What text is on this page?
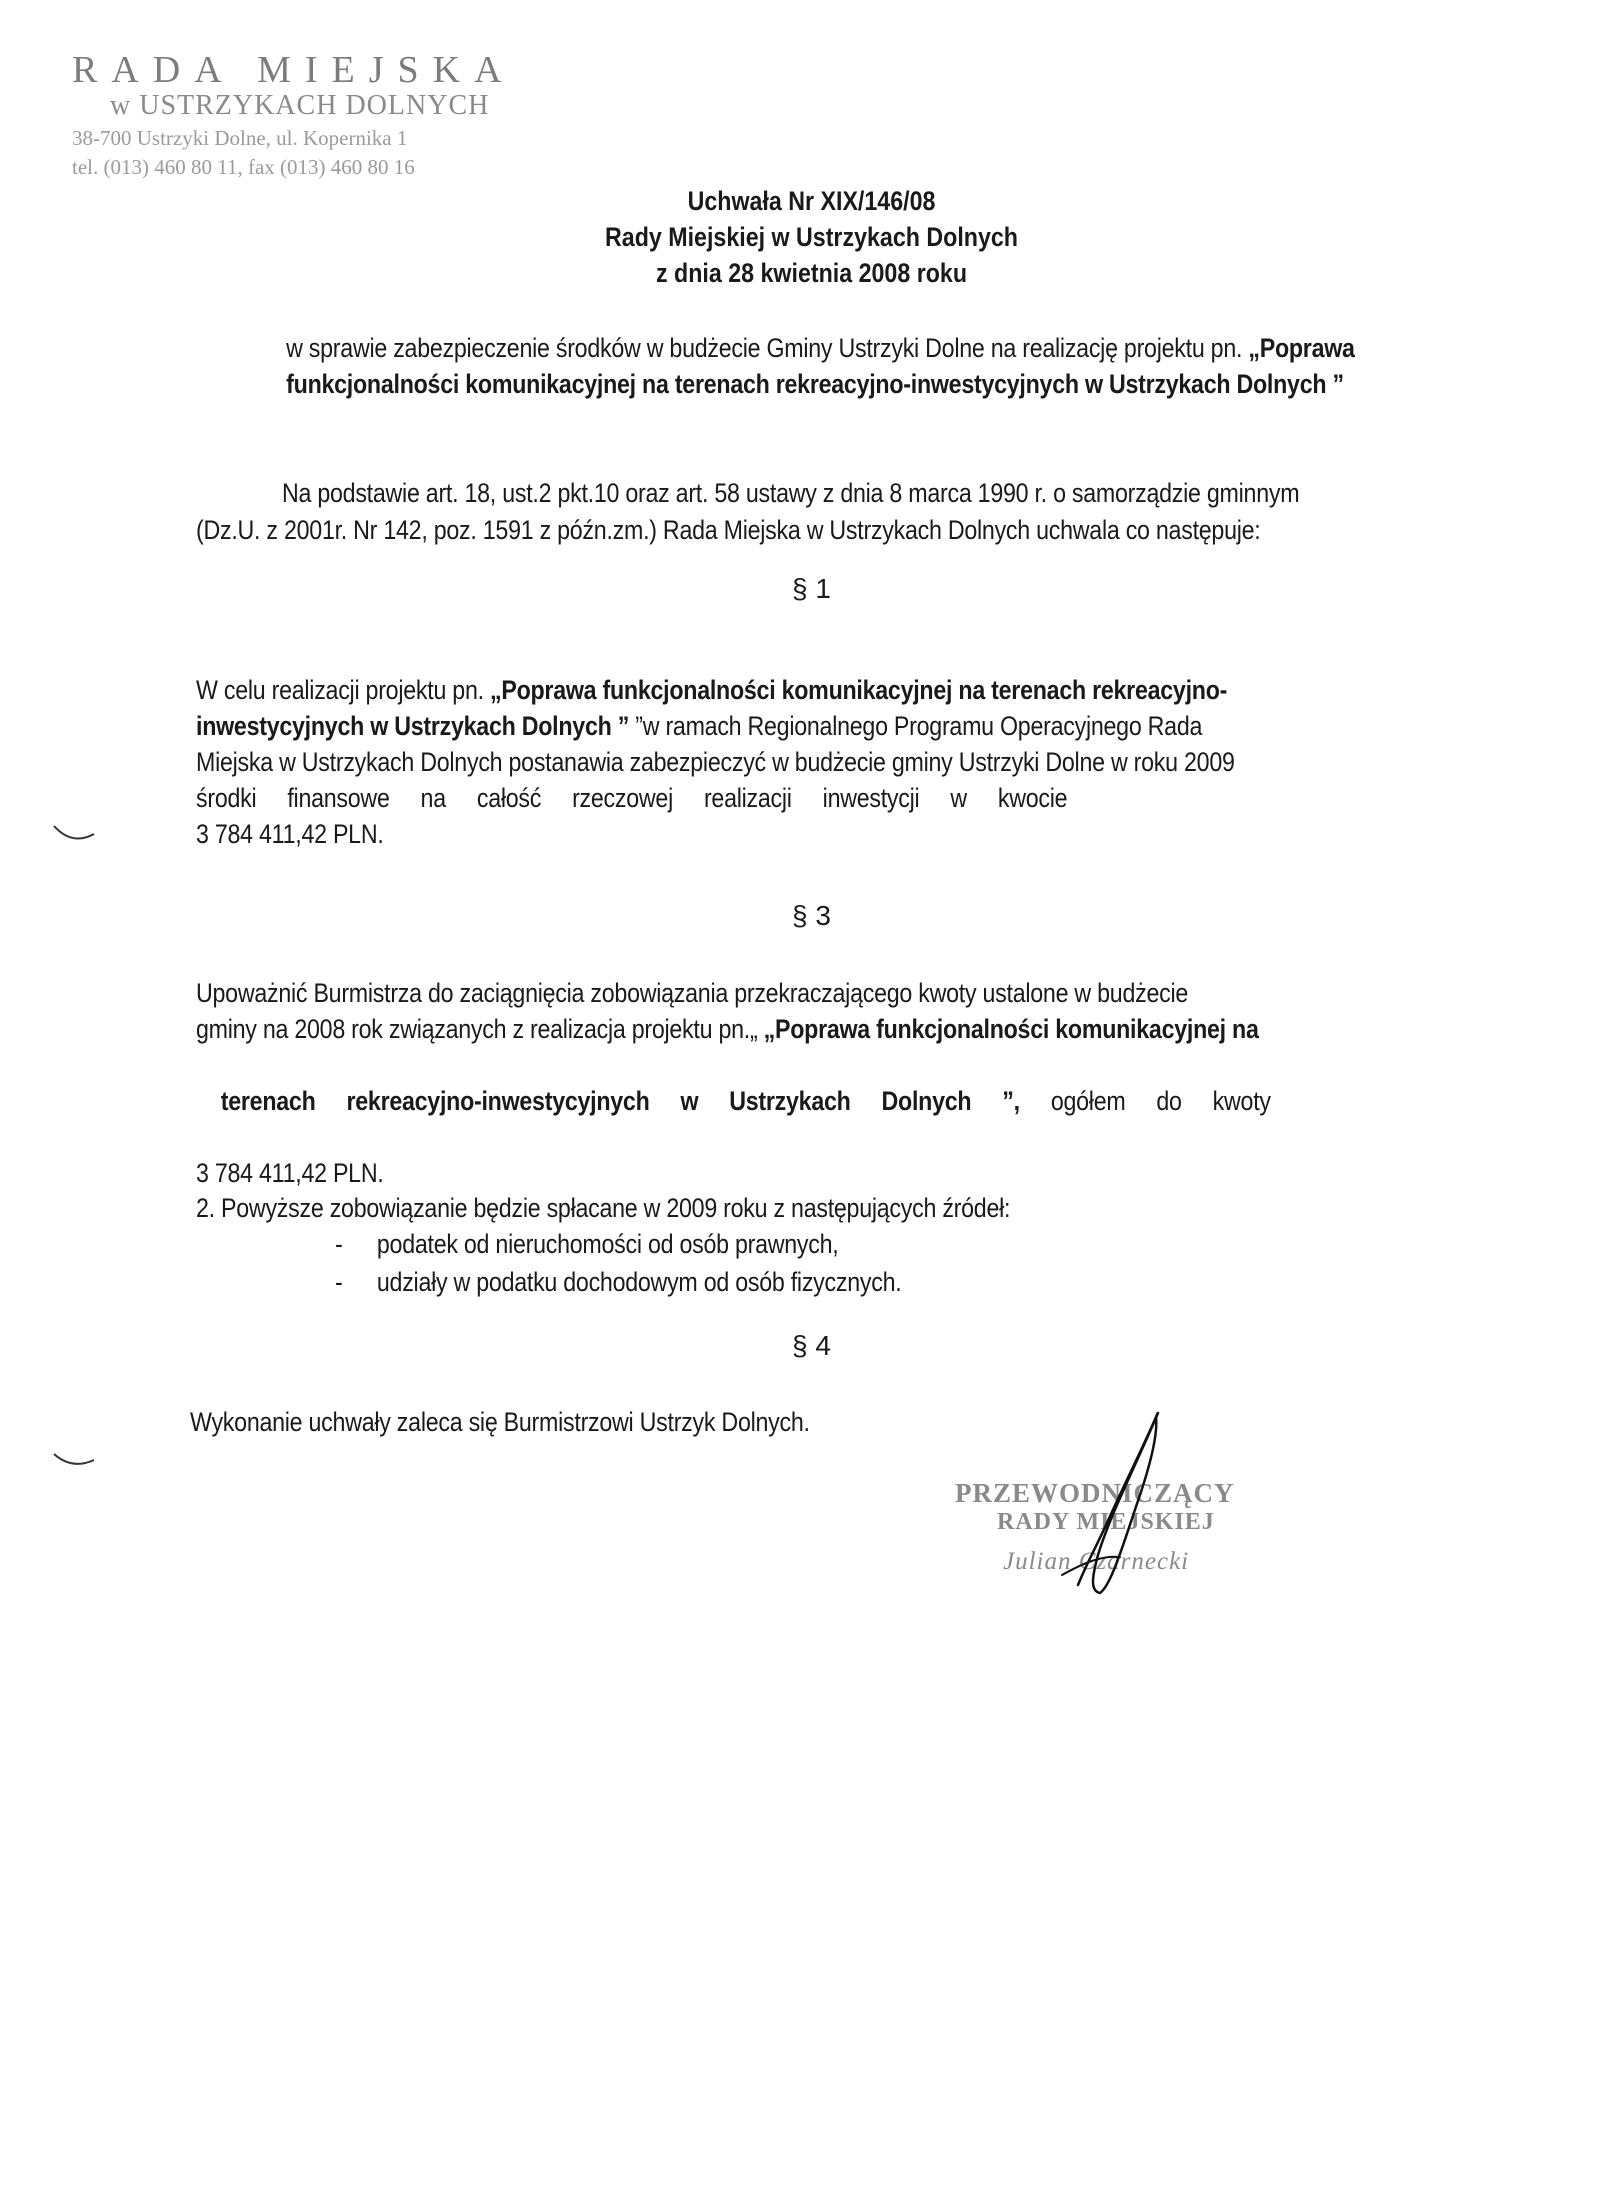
RADA MIEJSKA
w USTRZYKACH DOLNYCH
38-700 Ustrzyki Dolne, ul. Kopernika 1
tel. (013) 460 80 11, fax (013) 460 80 16
Uchwała Nr XIX/146/08
Rady Miejskiej w Ustrzykach Dolnych
z dnia 28 kwietnia 2008 roku
w sprawie zabezpieczenie środków w budżecie Gminy Ustrzyki Dolne na realizację projektu pn. „Poprawa
funkcjonalności komunikacyjnej na terenach rekreacyjno-inwestycyjnych w Ustrzykach Dolnych ”
Na podstawie art. 18, ust.2 pkt.10 oraz art. 58 ustawy z dnia 8 marca 1990 r. o samorządzie gminnym
(Dz.U. z 2001r. Nr 142, poz. 1591 z późn.zm.) Rada Miejska w Ustrzykach Dolnych uchwala co następuje:
§ 1
W celu realizacji projektu pn. „Poprawa funkcjonalności komunikacyjnej na terenach rekreacyjno-
inwestycyjnych w Ustrzykach Dolnych ” ”w ramach Regionalnego Programu Operacyjnego Rada
Miejska w Ustrzykach Dolnych postanawia zabezpieczyć w budżecie gminy Ustrzyki Dolne w roku 2009
środki     finansowe     na     całość     rzeczowej     realizacji     inwestycji     w     kwocie
3 784 411,42 PLN.
§ 3
Upoważnić Burmistrza do zaciągnięcia zobowiązania przekraczającego kwoty ustalone w budżecie
gminy na 2008 rok związanych z realizacja projektu pn.„ „Poprawa funkcjonalności komunikacyjnej na

terenach     rekreacyjno-inwestycyjnych     w     Ustrzykach     Dolnych     ”,     ogółem     do     kwoty

3 784 411,42 PLN.
2. Powyższe zobowiązanie będzie spłacane w 2009 roku z następujących źródeł:
- podatek od nieruchomości od osób prawnych,
- udziały w podatku dochodowym od osób fizycznych.
§ 4
Wykonanie uchwały zaleca się Burmistrzowi Ustrzyk Dolnych.
PRZEWODNICZĄCY
RADY MIEJSKIEJ
Julian Czarnecki
